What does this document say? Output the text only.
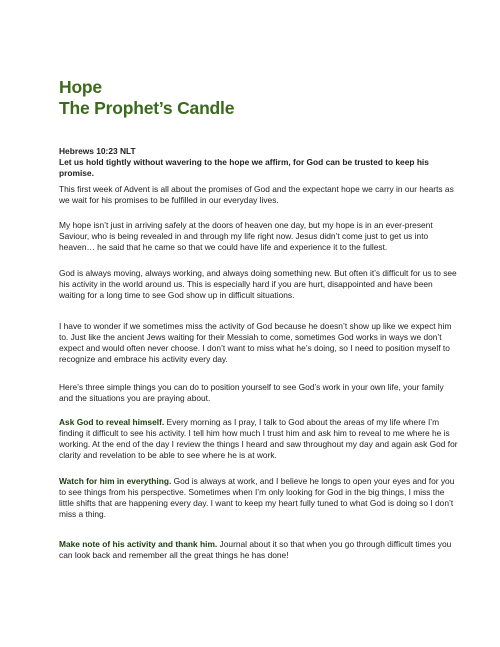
Hope
The Prophet’s Candle

Hebrews 10:23 NLT

Let us hold tightly without wavering to the hope we affirm, for God can be trusted to keep his promise.

This first week of Advent is all about the promises of God and the expectant hope we carry in our hearts as we wait for his promises to be fulfilled in our everyday lives.

My hope isn’t just in arriving safely at the doors of heaven one day, but my hope is in an ever-present Saviour, who is being revealed in and through my life right now. Jesus didn’t come just to get us into heaven… he said that he came so that we could have life and experience it to the fullest.

God is always moving, always working, and always doing something new. But often it’s difficult for us to see his activity in the world around us. This is especially hard if you are hurt, disappointed and have been waiting for a long time to see God show up in difficult situations.

I have to wonder if we sometimes miss the activity of God because he doesn’t show up like we expect him to. Just like the ancient Jews waiting for their Messiah to come, sometimes God works in ways we don’t expect and would often never choose. I don’t want to miss what he’s doing, so I need to position myself to recognize and embrace his activity every day.

Here’s three simple things you can do to position yourself to see God’s work in your own life, your family and the situations you are praying about.

Ask God to reveal himself. Every morning as I pray, I talk to God about the areas of my life where I’m finding it difficult to see his activity. I tell him how much I trust him and ask him to reveal to me where he is working. At the end of the day I review the things I heard and saw throughout my day and again ask God for clarity and revelation to be able to see where he is at work.

Watch for him in everything. God is always at work, and I believe he longs to open your eyes and for you to see things from his perspective. Sometimes when I’m only looking for God in the big things, I miss the little shifts that are happening every day. I want to keep my heart fully tuned to what God is doing so I don’t miss a thing.

Make note of his activity and thank him. Journal about it so that when you go through difficult times you can look back and remember all the great things he has done!
